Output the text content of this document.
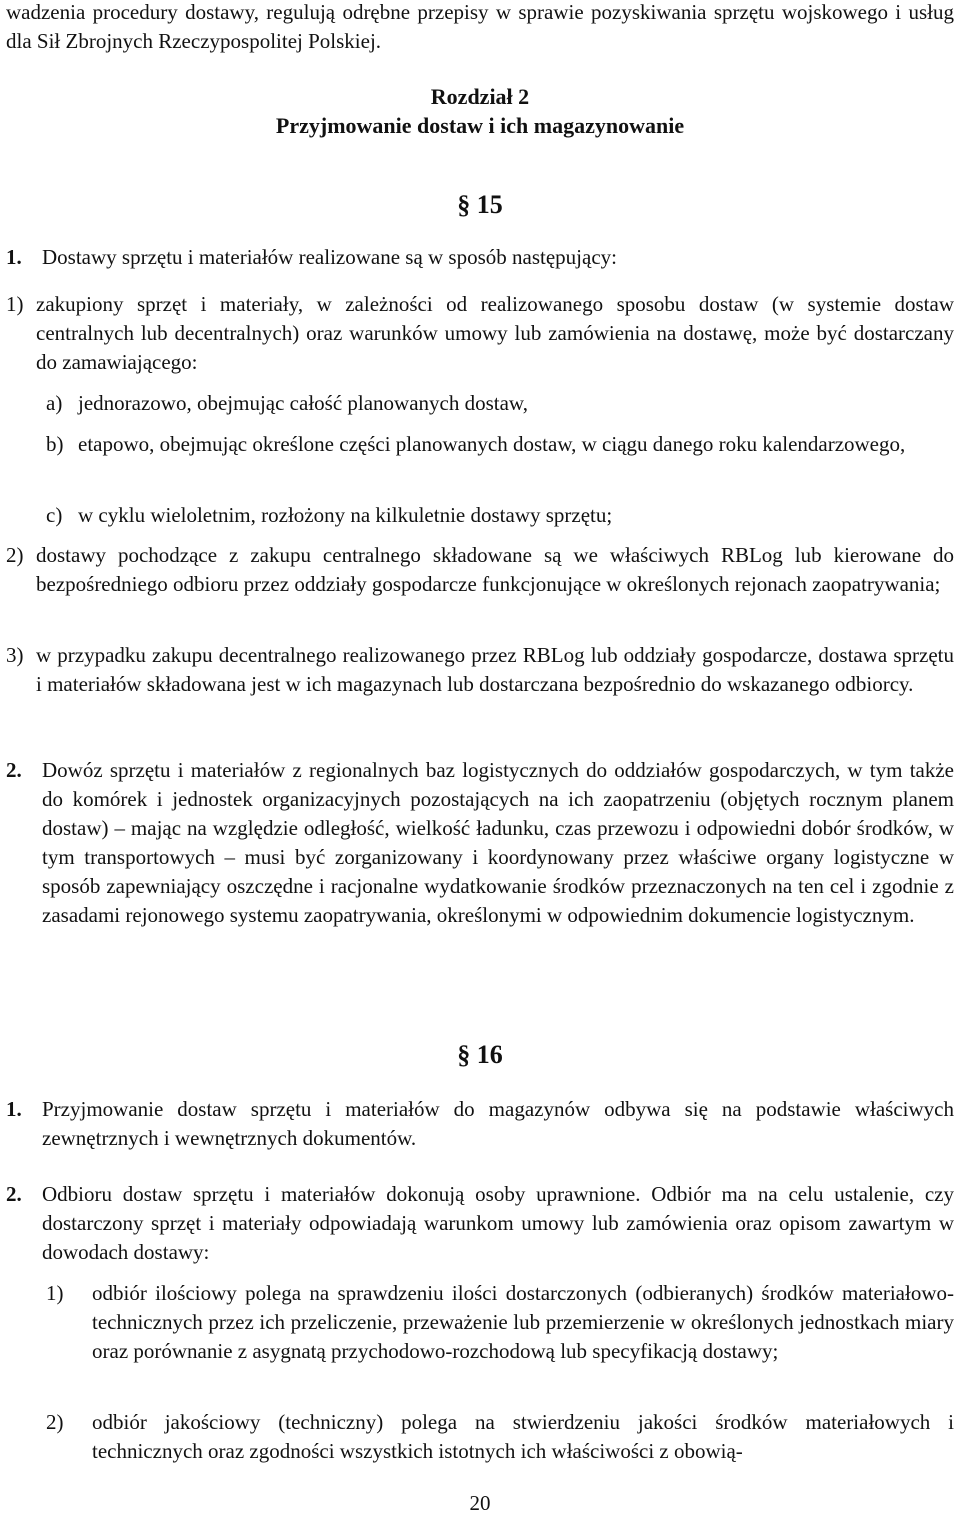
wadzenia procedury dostawy, regulują odrębne przepisy w sprawie pozyskiwania sprzętu wojskowego i usług dla Sił Zbrojnych Rzeczypospolitej Polskiej.
Rozdział 2
Przyjmowanie dostaw i ich magazynowanie
§ 15
1. Dostawy sprzętu i materiałów realizowane są w sposób następujący:
1) zakupiony sprzęt i materiały, w zależności od realizowanego sposobu dostaw (w systemie dostaw centralnych lub decentralnych) oraz warunków umowy lub zamówienia na dostawę, może być dostarczany do zamawiającego:
a) jednorazowo, obejmując całość planowanych dostaw,
b) etapowo, obejmując określone części planowanych dostaw, w ciągu danego roku kalendarzowego,
c) w cyklu wieloletnim, rozłożony na kilkuletnie dostawy sprzętu;
2) dostawy pochodzące z zakupu centralnego składowane są we właściwych RBLog lub kierowane do bezpośredniego odbioru przez oddziały gospodarcze funkcjonujące w określonych rejonach zaopatrywania;
3) w przypadku zakupu decentralnego realizowanego przez RBLog lub oddziały gospodarcze, dostawa sprzętu i materiałów składowana jest w ich magazynach lub dostarczana bezpośrednio do wskazanego odbiorcy.
2. Dowóz sprzętu i materiałów z regionalnych baz logistycznych do oddziałów gospodarczych, w tym także do komórek i jednostek organizacyjnych pozostających na ich zaopatrzeniu (objętych rocznym planem dostaw) – mając na względzie odległość, wielkość ładunku, czas przewozu i odpowiedni dobór środków, w tym transportowych – musi być zorganizowany i koordynowany przez właściwe organy logistyczne w sposób zapewniający oszczędne i racjonalne wydatkowanie środków przeznaczonych na ten cel i zgodnie z zasadami rejonowego systemu zaopatrywania, określonymi w odpowiednim dokumencie logistycznym.
§ 16
1. Przyjmowanie dostaw sprzętu i materiałów do magazynów odbywa się na podstawie właściwych zewnętrznych i wewnętrznych dokumentów.
2. Odbioru dostaw sprzętu i materiałów dokonują osoby uprawnione. Odbiór ma na celu ustalenie, czy dostarczony sprzęt i materiały odpowiadają warunkom umowy lub zamówienia oraz opisom zawartym w dowodach dostawy:
1) odbiór ilościowy polega na sprawdzeniu ilości dostarczonych (odbieranych) środków materiałowo-technicznych przez ich przeliczenie, przeważenie lub przemierzenie w określonych jednostkach miary oraz porównanie z asygnatą przychodowo-rozchodową lub specyfikacją dostawy;
2) odbiór jakościowy (techniczny) polega na stwierdzeniu jakości środków materiałowych i technicznych oraz zgodności wszystkich istotnych ich właściwości z obowią-
20
